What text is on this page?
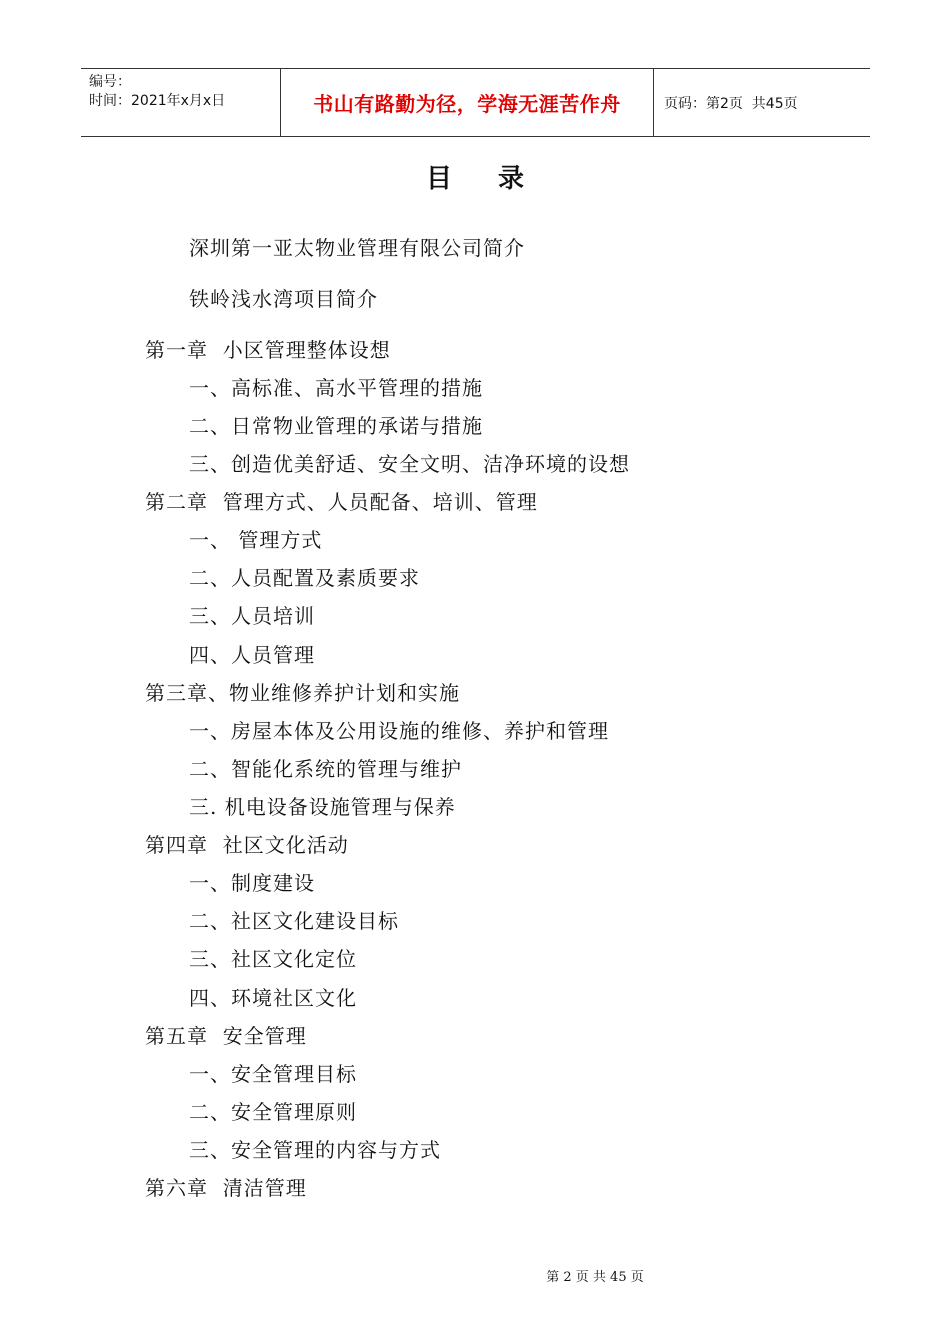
编号：
时间：2021年x月x日	书山有路勤为径，学海无涯苦作舟	页码：第2页  共45页
目 录
深圳第一亚太物业管理有限公司简介
铁岭浅水湾项目简介
第一章  小区管理整体设想
一、高标准、高水平管理的措施
二、日常物业管理的承诺与措施
三、创造优美舒适、安全文明、洁净环境的设想
第二章  管理方式、人员配备、培训、管理
一、 管理方式
二、人员配置及素质要求
三、人员培训
四、人员管理
第三章、物业维修养护计划和实施
一、房屋本体及公用设施的维修、养护和管理
二、智能化系统的管理与维护
三. 机电设备设施管理与保养
第四章  社区文化活动
一、制度建设
二、社区文化建设目标
三、社区文化定位
四、环境社区文化
第五章  安全管理
一、安全管理目标
二、安全管理原则
三、安全管理的内容与方式
第六章  清洁管理
第 2 页 共 45 页
